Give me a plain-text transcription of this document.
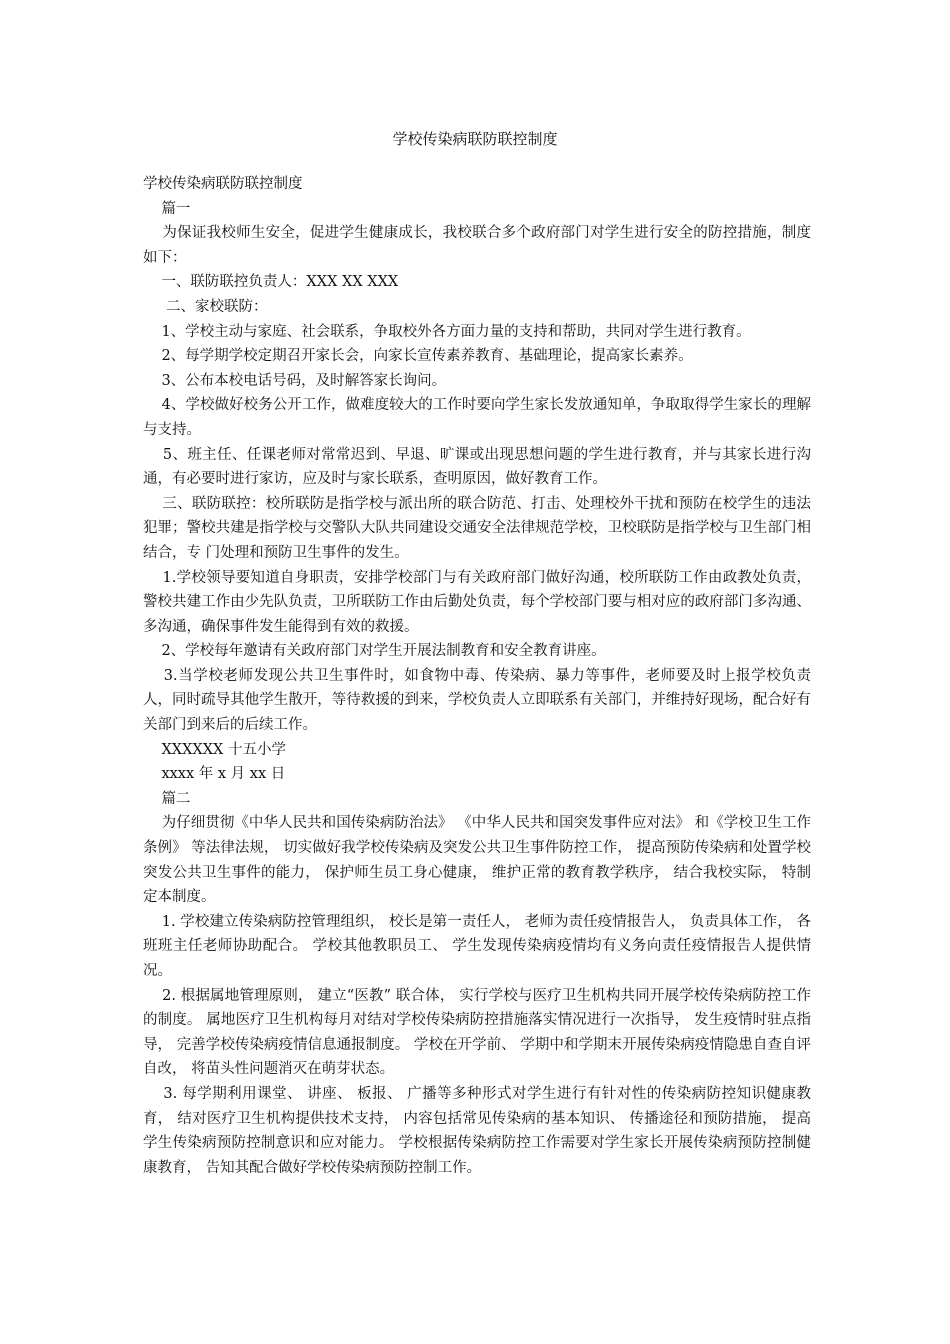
学校传染病联防联控制度

学校传染病联防联控制度

篇一

为保证我校师生安全，促进学生健康成长，我校联合多个政府部门对学生进行安全的防控措施，制度如下：

一、联防联控负责人：XXX XX XXX

二、家校联防：

1、学校主动与家庭、社会联系，争取校外各方面力量的支持和帮助，共同对学生进行教育。

2、每学期学校定期召开家长会，向家长宣传素养教育、基础理论，提高家长素养。

3、公布本校电话号码，及时解答家长询问。

4、学校做好校务公开工作，做难度较大的工作时要向学生家长发放通知单，争取取得学生家长的理解与支持。

5、班主任、任课老师对常常迟到、早退、旷课或出现思想问题的学生进行教育，并与其家长进行沟通，有必要时进行家访，应及时与家长联系，查明原因，做好教育工作。

三、联防联控：校所联防是指学校与派出所的联合防范、打击、处理校外干扰和预防在校学生的违法犯罪；警校共建是指学校与交警队大队共同建设交通安全法律规范学校，卫校联防是指学校与卫生部门相结合，专 门处理和预防卫生事件的发生。

1.学校领导要知道自身职责，安排学校部门与有关政府部门做好沟通，校所联防工作由政教处负责，警校共建工作由少先队负责，卫所联防工作由后勤处负责，每个学校部门要与相对应的政府部门多沟通、多沟通，确保事件发生能得到有效的救援。

2、学校每年邀请有关政府部门对学生开展法制教育和安全教育讲座。

3.当学校老师发现公共卫生事件时，如食物中毒、传染病、暴力等事件，老师要及时上报学校负责人，同时疏导其他学生散开，等待救援的到来，学校负责人立即联系有关部门，并维持好现场，配合好有关部门到来后的后续工作。

XXXXXX 十五小学

xxxx 年 x 月 xx 日

篇二

为仔细贯彻《中华人民共和国传染病防治法》 《中华人民共和国突发事件应对法》 和《学校卫生工作条例》 等法律法规， 切实做好我学校传染病及突发公共卫生事件防控工作， 提高预防传染病和处置学校突发公共卫生事件的能力， 保护师生员工身心健康， 维护正常的教育教学秩序， 结合我校实际， 特制定本制度。

1. 学校建立传染病防控管理组织， 校长是第一责任人， 老师为责任疫情报告人， 负责具体工作， 各班班主任老师协助配合。 学校其他教职员工、 学生发现传染病疫情均有义务向责任疫情报告人提供情况。

2. 根据属地管理原则， 建立“医教” 联合体， 实行学校与医疗卫生机构共同开展学校传染病防控工作的制度。 属地医疗卫生机构每月对结对学校传染病防控措施落实情况进行一次指导， 发生疫情时驻点指导， 完善学校传染病疫情信息通报制度。 学校在开学前、 学期中和学期末开展传染病疫情隐患自查自评自改， 将苗头性问题消灭在萌芽状态。

3. 每学期利用课堂、 讲座、 板报、 广播等多种形式对学生进行有针对性的传染病防控知识健康教育， 结对医疗卫生机构提供技术支持， 内容包括常见传染病的基本知识、 传播途径和预防措施， 提高学生传染病预防控制意识和应对能力。 学校根据传染病防控工作需要对学生家长开展传染病预防控制健康教育， 告知其配合做好学校传染病预防控制工作。
